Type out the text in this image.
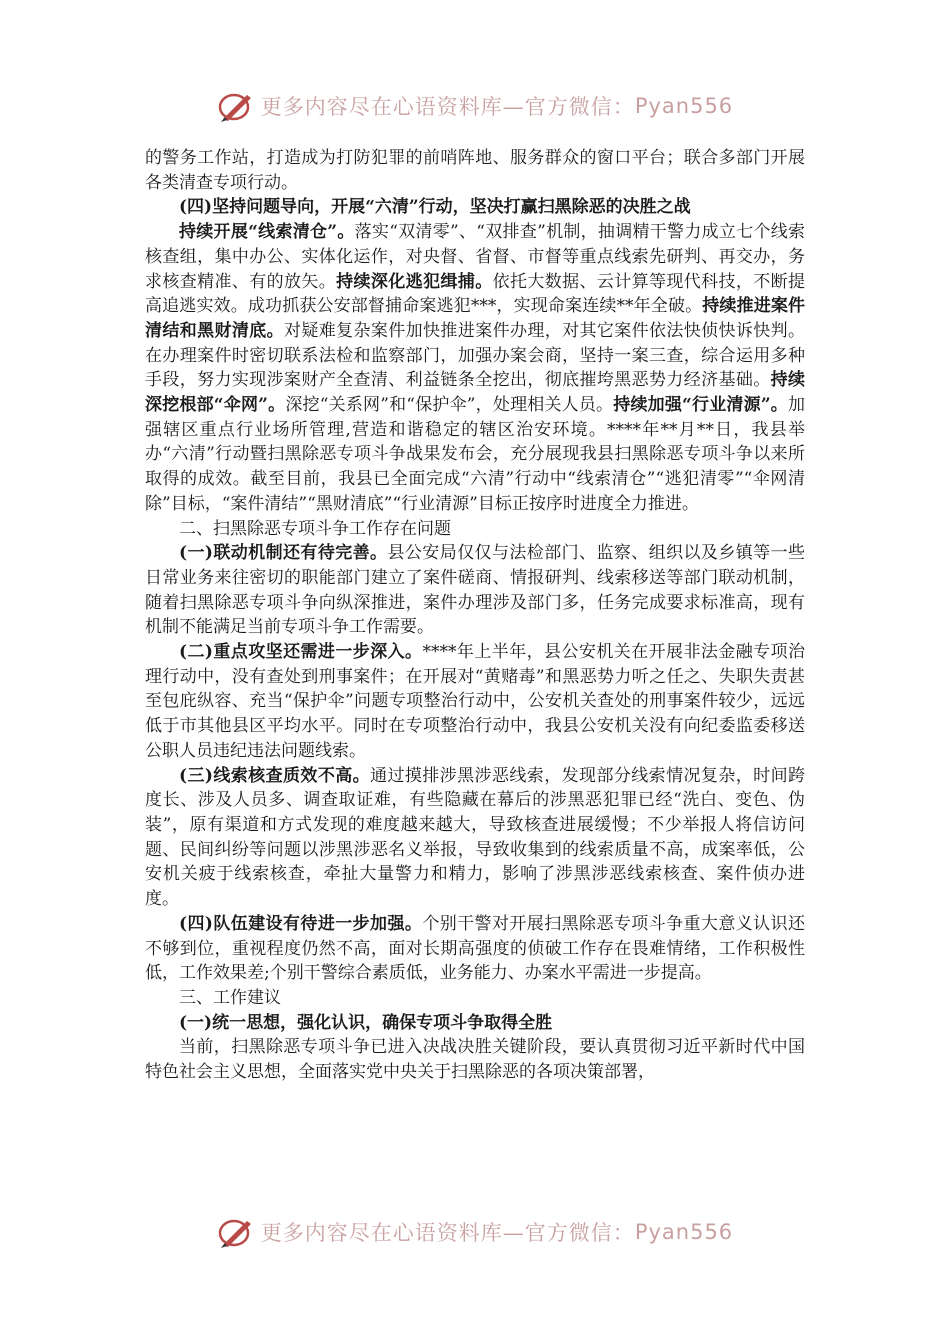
更多内容尽在心语资料库—官方微信： Pyan556

的警务工作站，打造成为打防犯罪的前哨阵地、服务群众的窗口平台；联合多部门开展各类清查专项行动。

(四)坚持问题导向，开展“六清”行动，坚决打赢扫黑除恶的决胜之战

持续开展“线索清仓”。落实“双清零”、“双排查”机制，抽调精干警力成立七个线索核查组，集中办公、实体化运作，对央督、省督、市督等重点线索先研判、再交办，务求核查精准、有的放矢。持续深化逃犯缉捕。依托大数据、云计算等现代科技，不断提高追逃实效。成功抓获公安部督捕命案逃犯***，实现命案连续**年全破。持续推进案件清结和黑财清底。对疑难复杂案件加快推进案件办理，对其它案件依法快侦快诉快判。在办理案件时密切联系法检和监察部门，加强办案会商，坚持一案三查，综合运用多种手段，努力实现涉案财产全查清、利益链条全挖出，彻底摧垮黑恶势力经济基础。持续深挖根部“伞网”。深挖“关系网”和“保护伞”，处理相关人员。持续加强“行业清源”。加强辖区重点行业场所管理,营造和谐稳定的辖区治安环境。****年**月**日，我县举办“六清”行动暨扫黑除恶专项斗争战果发布会，充分展现我县扫黑除恶专项斗争以来所取得的成效。截至目前，我县已全面完成“六清”行动中“线索清仓”“逃犯清零”“伞网清除”目标，“案件清结”“黑财清底”“行业清源”目标正按序时进度全力推进。

二、扫黑除恶专项斗争工作存在问题

(一)联动机制还有待完善。县公安局仅仅与法检部门、监察、组织以及乡镇等一些日常业务来往密切的职能部门建立了案件磋商、情报研判、线索移送等部门联动机制，随着扫黑除恶专项斗争向纵深推进，案件办理涉及部门多，任务完成要求标准高，现有机制不能满足当前专项斗争工作需要。

(二)重点攻坚还需进一步深入。****年上半年，县公安机关在开展非法金融专项治理行动中，没有查处到刑事案件；在开展对“黄赌毒”和黑恶势力听之任之、失职失责甚至包庇纵容、充当“保护伞”问题专项整治行动中，公安机关查处的刑事案件较少，远远低于市其他县区平均水平。同时在专项整治行动中，我县公安机关没有向纪委监委移送公职人员违纪违法问题线索。

(三)线索核查质效不高。通过摸排涉黑涉恶线索，发现部分线索情况复杂，时间跨度长、涉及人员多、调查取证难，有些隐藏在幕后的涉黑恶犯罪已经“洗白、变色、伪装”，原有渠道和方式发现的难度越来越大，导致核查进展缓慢；不少举报人将信访问题、民间纠纷等问题以涉黑涉恶名义举报，导致收集到的线索质量不高，成案率低，公安机关疲于线索核查，牵扯大量警力和精力，影响了涉黑涉恶线索核查、案件侦办进度。

(四)队伍建设有待进一步加强。个别干警对开展扫黑除恶专项斗争重大意义认识还不够到位，重视程度仍然不高，面对长期高强度的侦破工作存在畏难情绪，工作积极性低，工作效果差;个别干警综合素质低，业务能力、办案水平需进一步提高。

三、工作建议

(一)统一思想，强化认识，确保专项斗争取得全胜

当前，扫黑除恶专项斗争已进入决战决胜关键阶段，要认真贯彻习近平新时代中国特色社会主义思想，全面落实党中央关于扫黑除恶的各项决策部署，

更多内容尽在心语资料库—官方微信： Pyan556
